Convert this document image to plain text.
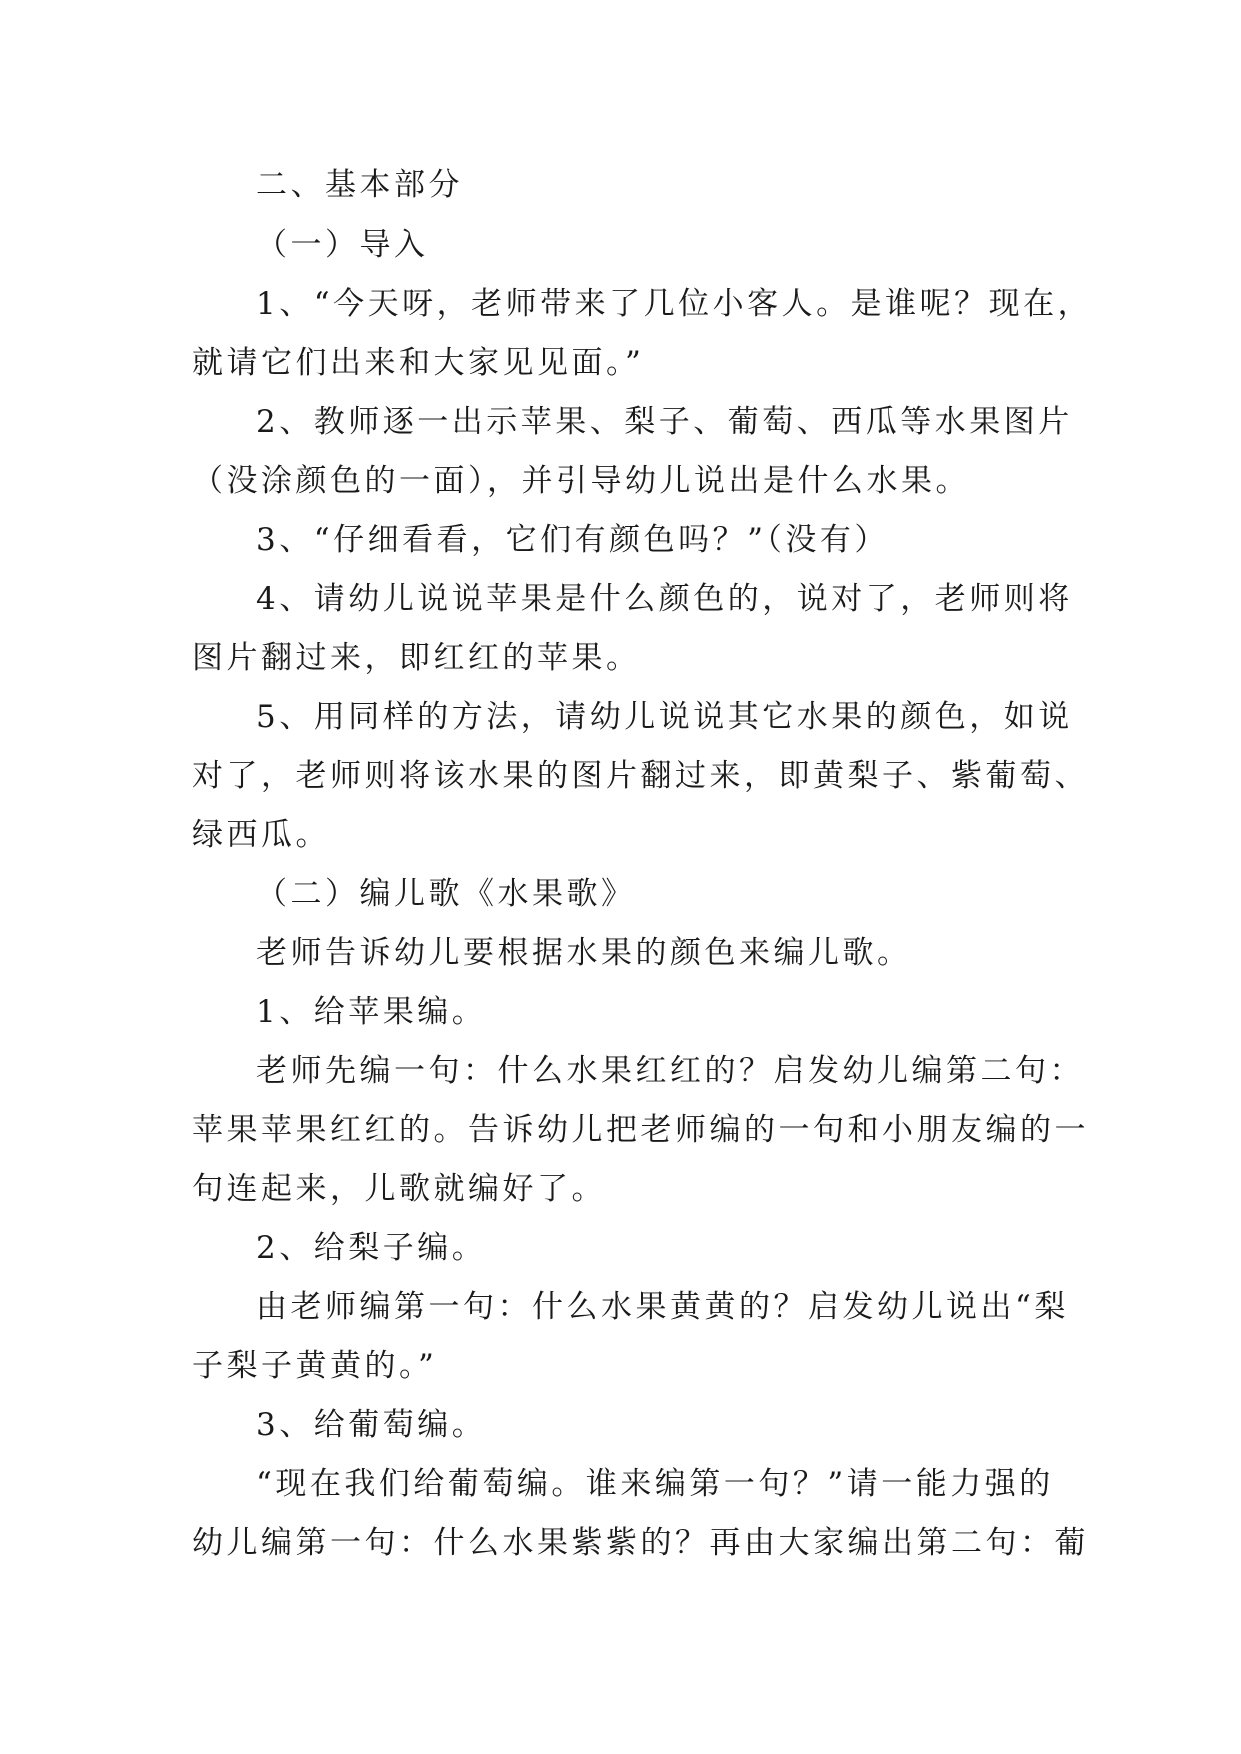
二、基本部分
（一）导入
1、“今天呀，老师带来了几位小客人。是谁呢？现在，
就请它们出来和大家见见面。”
2、教师逐一出示苹果、梨子、葡萄、西瓜等水果图片
（没涂颜色的一面），并引导幼儿说出是什么水果。
3、“仔细看看，它们有颜色吗？”（没有）
4、请幼儿说说苹果是什么颜色的，说对了，老师则将
图片翻过来，即红红的苹果。
5、用同样的方法，请幼儿说说其它水果的颜色，如说
对了，老师则将该水果的图片翻过来，即黄梨子、紫葡萄、
绿西瓜。
（二）编儿歌《水果歌》
老师告诉幼儿要根据水果的颜色来编儿歌。
1、给苹果编。
老师先编一句：什么水果红红的？启发幼儿编第二句：
苹果苹果红红的。告诉幼儿把老师编的一句和小朋友编的一
句连起来，儿歌就编好了。
2、给梨子编。
由老师编第一句：什么水果黄黄的？启发幼儿说出“梨
子梨子黄黄的。”
3、给葡萄编。
“现在我们给葡萄编。谁来编第一句？”请一能力强的
幼儿编第一句：什么水果紫紫的？再由大家编出第二句：葡
